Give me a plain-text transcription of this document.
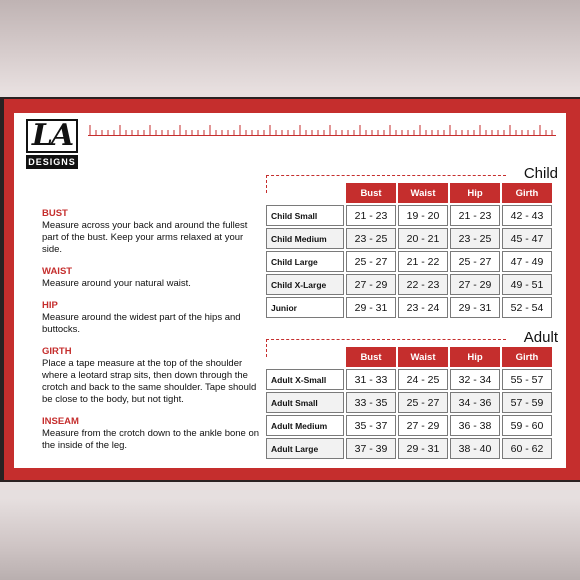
LA
DESIGNS

BUST

Measure across your back and around the fullest part of the bust. Keep your arms relaxed at your side.

WAIST

Measure around your natural waist.

HIP

Measure around the widest part of the hips and buttocks.

GIRTH

Place a tape measure at the top of the shoulder where a leotard strap sits, then down through the crotch and back to the same shoulder. Tape should be close to the body, but not tight.

INSEAM

Measure from the crotch down to the ankle bone on the inside of the leg.

Child
	Bust	Waist	Hip	Girth
Child Small	21 - 23	19 - 20	21 - 23	42 - 43
Child Medium	23 - 25	20 - 21	23 - 25	45 - 47
Child Large	25 - 27	21 - 22	25 - 27	47 - 49
Child X-Large	27 - 29	22 - 23	27 - 29	49 - 51
Junior	29 - 31	23 - 24	29 - 31	52 - 54
Adult
	Bust	Waist	Hip	Girth
Adult X-Small	31 - 33	24 - 25	32 - 34	55 - 57
Adult Small	33 - 35	25 - 27	34 - 36	57 - 59
Adult Medium	35 - 37	27 - 29	36 - 38	59 - 60
Adult Large	37 - 39	29 - 31	38 - 40	60 - 62
